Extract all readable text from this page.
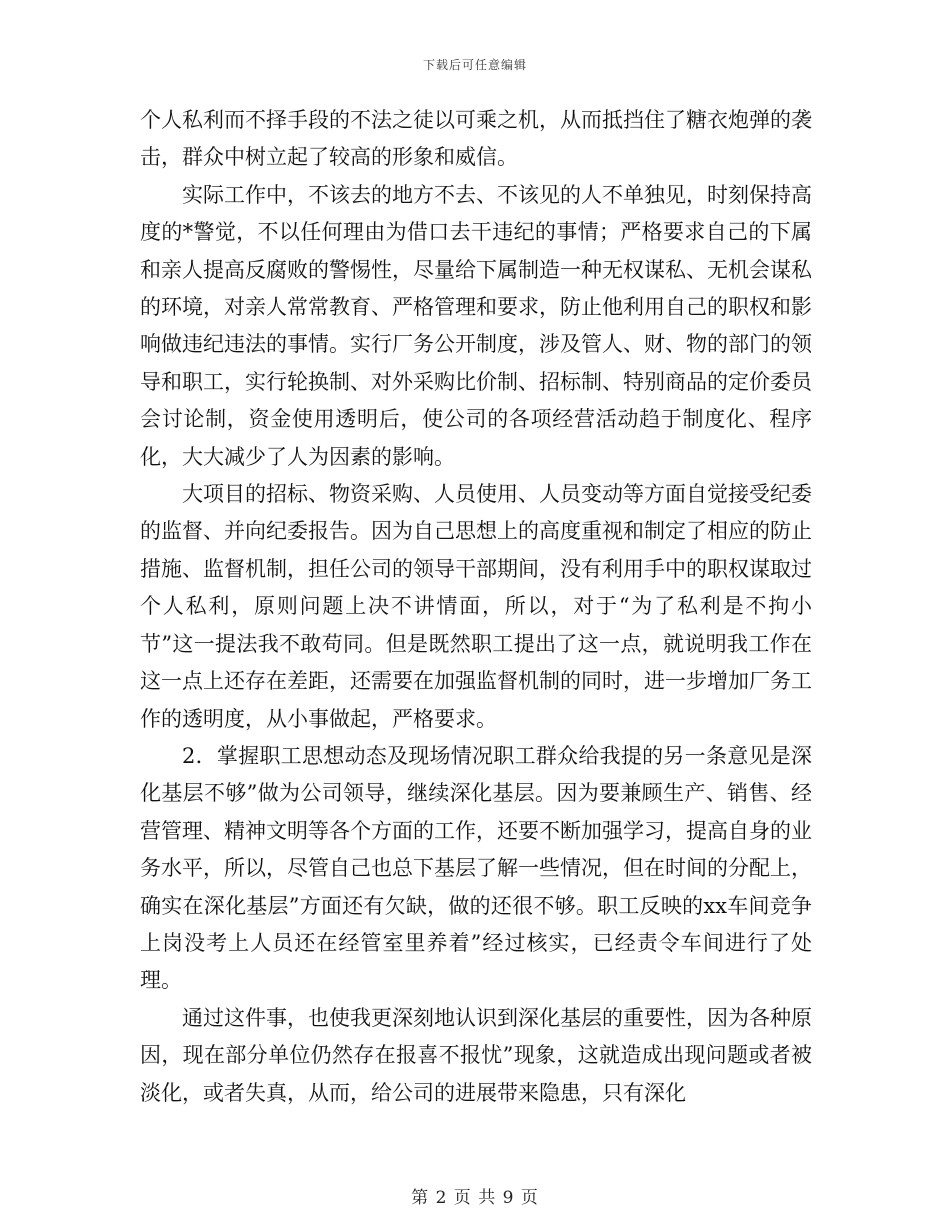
下载后可任意编辑

个人私利而不择手段的不法之徒以可乘之机，从而抵挡住了糖衣炮弹的袭击，群众中树立起了较高的形象和威信。

实际工作中，不该去的地方不去、不该见的人不单独见，时刻保持高度的*警觉，不以任何理由为借口去干违纪的事情；严格要求自己的下属和亲人提高反腐败的警惕性，尽量给下属制造一种无权谋私、无机会谋私的环境，对亲人常常教育、严格管理和要求，防止他利用自己的职权和影响做违纪违法的事情。实行厂务公开制度，涉及管人、财、物的部门的领导和职工，实行轮换制、对外采购比价制、招标制、特别商品的定价委员会讨论制，资金使用透明后，使公司的各项经营活动趋于制度化、程序化，大大减少了人为因素的影响。

大项目的招标、物资采购、人员使用、人员变动等方面自觉接受纪委的监督、并向纪委报告。因为自己思想上的高度重视和制定了相应的防止措施、监督机制，担任公司的领导干部期间，没有利用手中的职权谋取过个人私利，原则问题上决不讲情面，所以，对于“为了私利是不拘小节”这一提法我不敢苟同。但是既然职工提出了这一点，就说明我工作在这一点上还存在差距，还需要在加强监督机制的同时，进一步增加厂务工作的透明度，从小事做起，严格要求。

2．掌握职工思想动态及现场情况职工群众给我提的另一条意见是深化基层不够”做为公司领导，继续深化基层。因为要兼顾生产、销售、经营管理、精神文明等各个方面的工作，还要不断加强学习，提高自身的业务水平，所以，尽管自己也总下基层了解一些情况，但在时间的分配上，确实在深化基层”方面还有欠缺，做的还很不够。职工反映的xx车间竞争上岗没考上人员还在经管室里养着”经过核实，已经责令车间进行了处理。

通过这件事，也使我更深刻地认识到深化基层的重要性，因为各种原因，现在部分单位仍然存在报喜不报忧”现象，这就造成出现问题或者被淡化，或者失真，从而，给公司的进展带来隐患，只有深化

第 2 页 共 9 页
